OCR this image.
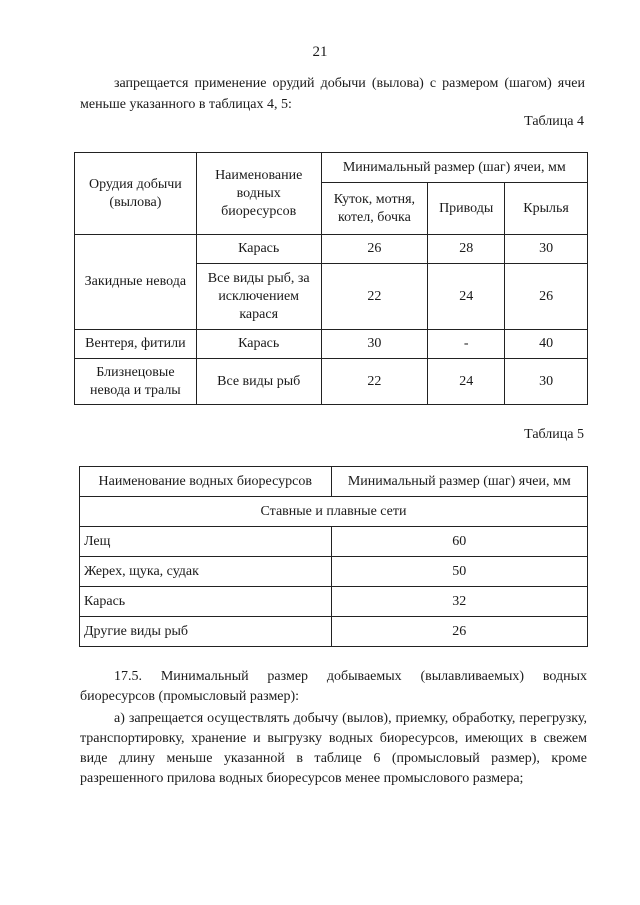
21
запрещается применение орудий добычи (вылова) с размером (шагом) ячеи меньше указанного в таблицах 4, 5:
Таблица 4
Орудия добычи (вылова)	Наименование водных биоресурсов	Минимальный размер (шаг) ячеи, мм		
		Куток, мотня, котел, бочка	Приводы	Крылья
Закидные невода	Карась	26	28	30
	Все виды рыб, за исключением карася	22	24	26
Вентеря, фитили	Карась	30	-	40
Близнецовые невода и тралы	Все виды рыб	22	24	30
Таблица 5
Наименование водных биоресурсов	Минимальный размер (шаг) ячеи, мм
Ставные и плавные сети	
Лещ	60
Жерех, щука, судак	50
Карась	32
Другие виды рыб	26
17.5. Минимальный размер добываемых (вылавливаемых) водных биоресурсов (промысловый размер):
а) запрещается осуществлять добычу (вылов), приемку, обработку, перегрузку, транспортировку, хранение и выгрузку водных биоресурсов, имеющих в свежем виде длину меньше указанной в таблице 6 (промысловый размер), кроме разрешенного прилова водных биоресурсов менее промыслового размера;
